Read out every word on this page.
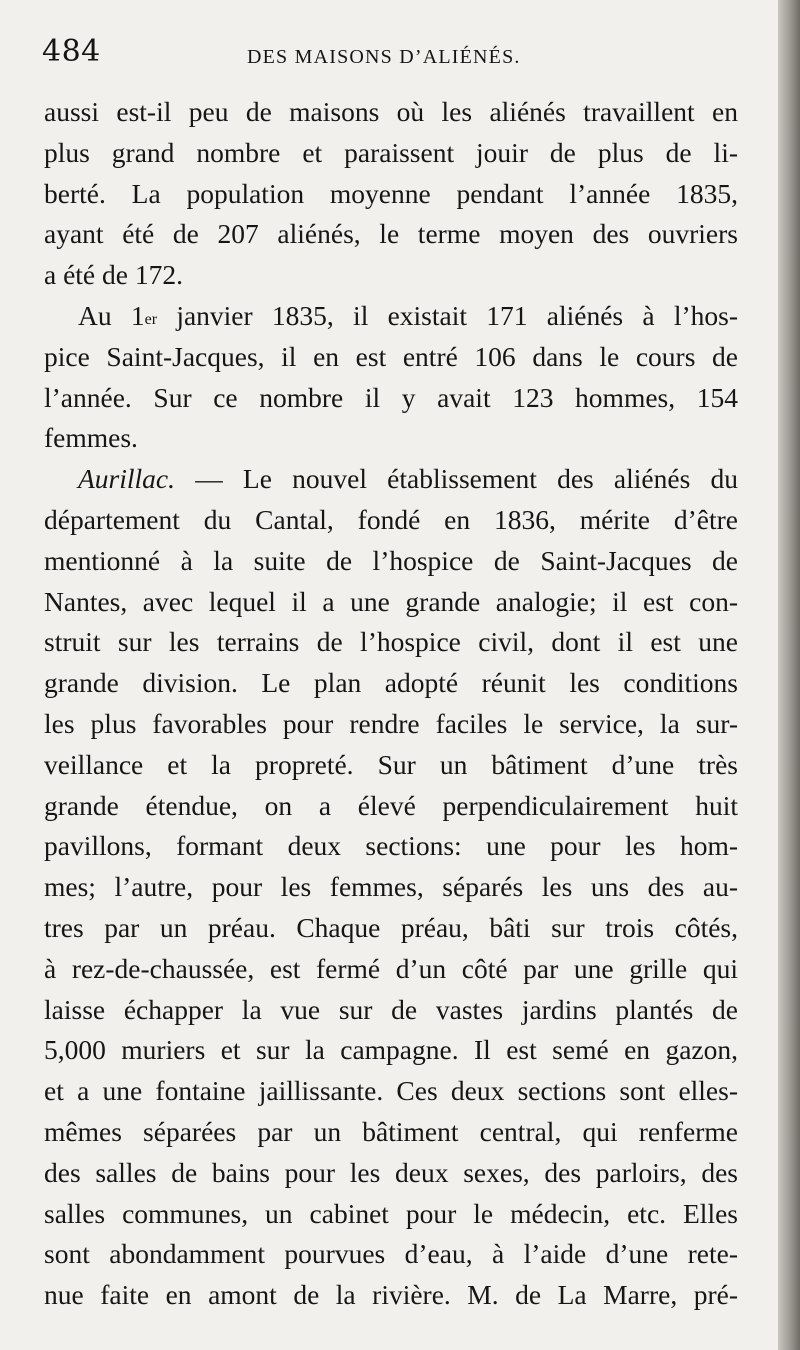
484	DES MAISONS D’ALIÉNÉS.
aussi est-il peu de maisons où les aliénés travaillent en
plus grand nombre et paraissent jouir de plus de li-
berté. La population moyenne pendant l’année 1835,
ayant été de 207 aliénés, le terme moyen des ouvriers
a été de 172.
Au 1er janvier 1835, il existait 171 aliénés à l’hos-
pice Saint-Jacques, il en est entré 106 dans le cours de
l’année. Sur ce nombre il y avait 123 hommes, 154
femmes.
Aurillac. — Le nouvel établissement des aliénés du
département du Cantal, fondé en 1836, mérite d’être
mentionné à la suite de l’hospice de Saint-Jacques de
Nantes, avec lequel il a une grande analogie; il est con-
struit sur les terrains de l’hospice civil, dont il est une
grande division. Le plan adopté réunit les conditions
les plus favorables pour rendre faciles le service, la sur-
veillance et la propreté. Sur un bâtiment d’une très
grande étendue, on a élevé perpendiculairement huit
pavillons, formant deux sections: une pour les hom-
mes; l’autre, pour les femmes, séparés les uns des au-
tres par un préau. Chaque préau, bâti sur trois côtés,
à rez-de-chaussée, est fermé d’un côté par une grille qui
laisse échapper la vue sur de vastes jardins plantés de
5,000 muriers et sur la campagne. Il est semé en gazon,
et a une fontaine jaillissante. Ces deux sections sont elles-
mêmes séparées par un bâtiment central, qui renferme
des salles de bains pour les deux sexes, des parloirs, des
salles communes, un cabinet pour le médecin, etc. Elles
sont abondamment pourvues d’eau, à l’aide d’une rete-
nue faite en amont de la rivière. M. de La Marre, pré-
